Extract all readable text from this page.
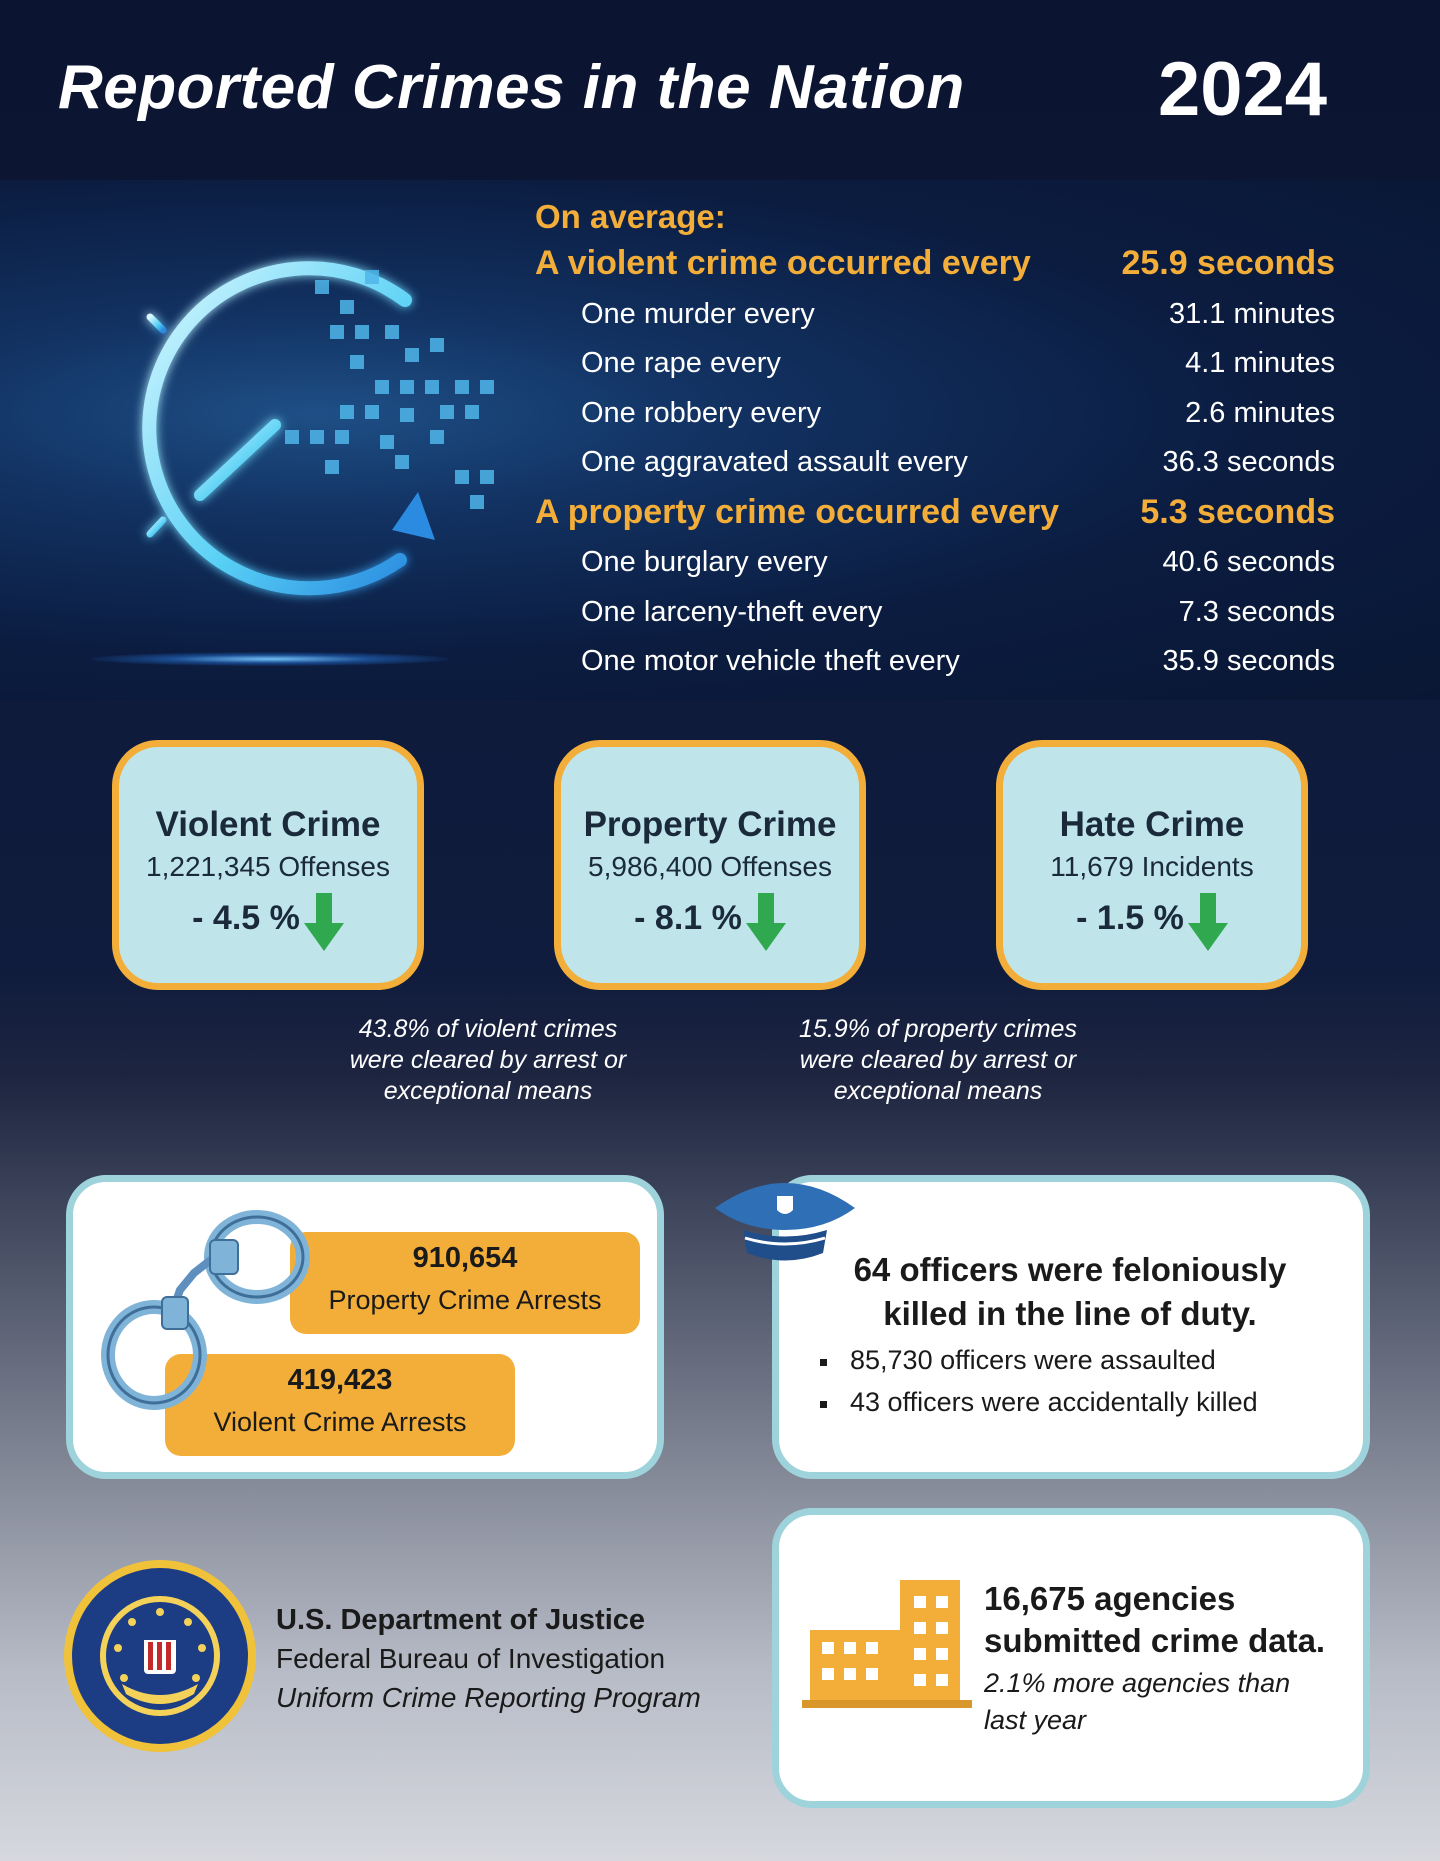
Reported Crimes in the Nation	2024
On average:
A violent crime occurred every	25.9 seconds
One murder every	31.1 minutes
One rape every	4.1 minutes
One robbery every	2.6 minutes
One aggravated assault every	36.3 seconds
A property crime occurred every 5.3 seconds
One burglary every	40.6 seconds
One larceny-theft every	7.3 seconds
One motor vehicle theft every	35.9 seconds
Violent Crime
1,221,345 Offenses
- 4.5 %
Property Crime
5,986,400 Offenses
- 8.1 %
Hate Crime
11,679 Incidents
- 1.5 %
43.8% of violent crimes
were cleared by arrest or
exceptional means
15.9% of property crimes
were cleared by arrest or
exceptional means
910,654
Property Crime Arrests
419,423
Violent Crime Arrests
64 officers were feloniously
killed in the line of duty.
85,730 officers were assaulted
43 officers were accidentally killed
16,675 agencies
submitted crime data.
2.1% more agencies than
last year
U.S. Department of Justice
Federal Bureau of Investigation
Uniform Crime Reporting Program
